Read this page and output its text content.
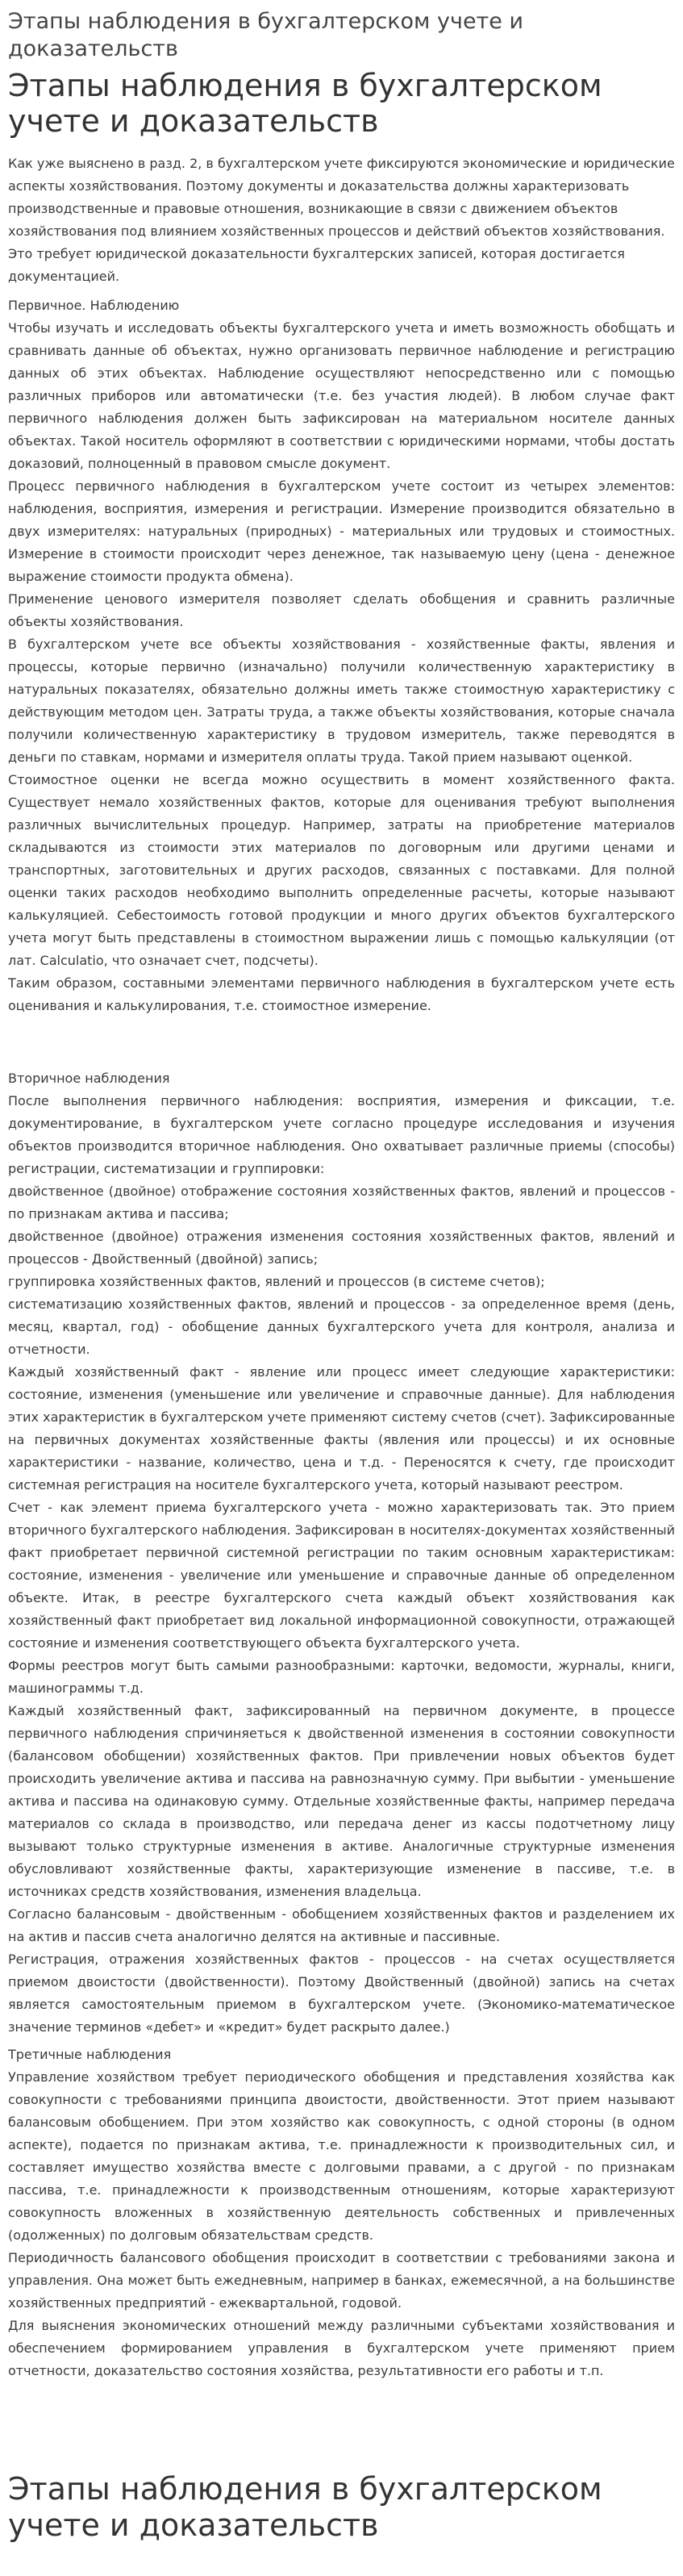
Этапы наблюдения в бухгалтерском учете и доказательств
Этапы наблюдения в бухгалтерском учете и доказательств

Как уже выяснено в разд. 2, в бухгалтерском учете фиксируются экономические и юридические аспекты хозяйствования. Поэтому документы и доказательства должны характеризовать производственные и правовые отношения, возникающие в связи с движением объектов хозяйствования под влиянием хозяйственных процессов и действий объектов хозяйствования. Это требует юридической доказательности бухгалтерских записей, которая достигается документацией.

Первичное. Наблюдению

Чтобы изучать и исследовать объекты бухгалтерского учета и иметь возможность обобщать и сравнивать данные об объектах, нужно организовать первичное наблюдение и регистрацию данных об этих объектах. Наблюдение осуществляют непосредственно или с помощью различных приборов или автоматически (т.е. без участия людей). В любом случае факт первичного наблюдения должен быть зафиксирован на материальном носителе данных объектах. Такой носитель оформляют в соответствии с юридическими нормами, чтобы достать доказовий, полноценный в правовом смысле документ.

Процесс первичного наблюдения в бухгалтерском учете состоит из четырех элементов: наблюдения, восприятия, измерения и регистрации. Измерение производится обязательно в двух измерителях: натуральных (природных) - материальных или трудовых и стоимостных. Измерение в стоимости происходит через денежное, так называемую цену (цена - денежное выражение стоимости продукта обмена).

Применение ценового измерителя позволяет сделать обобщения и сравнить различные объекты хозяйствования.

В бухгалтерском учете все объекты хозяйствования - хозяйственные факты, явления и процессы, которые первично (изначально) получили количественную характеристику в натуральных показателях, обязательно должны иметь также стоимостную характеристику с действующим методом цен. Затраты труда, а также объекты хозяйствования, которые сначала получили количественную характеристику в трудовом измеритель, также переводятся в деньги по ставкам, нормами и измерителя оплаты труда. Такой прием называют оценкой.

Стоимостное оценки не всегда можно осуществить в момент хозяйственного факта. Существует немало хозяйственных фактов, которые для оценивания требуют выполнения различных вычислительных процедур. Например, затраты на приобретение материалов складываются из стоимости этих материалов по договорным или другими ценами и транспортных, заготовительных и других расходов, связанных с поставками. Для полной оценки таких расходов необходимо выполнить определенные расчеты, которые называют калькуляцией. Себестоимость готовой продукции и много других объектов бухгалтерского учета могут быть представлены в стоимостном выражении лишь с помощью калькуляции (от лат. Calculatio, что означает счет, подсчеты).

Таким образом, составными элементами первичного наблюдения в бухгалтерском учете есть оценивания и калькулирования, т.е. стоимостное измерение.

Вторичное наблюдения

После выполнения первичного наблюдения: восприятия, измерения и фиксации, т.е. документирование, в бухгалтерском учете согласно процедуре исследования и изучения объектов производится вторичное наблюдения. Оно охватывает различные приемы (способы) регистрации, систематизации и группировки:

двойственное (двойное) отображение состояния хозяйственных фактов, явлений и процессов - по признакам актива и пассива;

двойственное (двойное) отражения изменения состояния хозяйственных фактов, явлений и процессов - Двойственный (двойной) запись;

группировка хозяйственных фактов, явлений и процессов (в системе счетов);

систематизацию хозяйственных фактов, явлений и процессов - за определенное время (день, месяц, квартал, год) - обобщение данных бухгалтерского учета для контроля, анализа и отчетности.

Каждый хозяйственный факт - явление или процесс имеет следующие характеристики: состояние, изменения (уменьшение или увеличение и справочные данные). Для наблюдения этих характеристик в бухгалтерском учете применяют систему счетов (счет). Зафиксированные на первичных документах хозяйственные факты (явления или процессы) и их основные характеристики - название, количество, цена и т.д. - Переносятся к счету, где происходит системная регистрация на носителе бухгалтерского учета, который называют реестром.

Счет - как элемент приема бухгалтерского учета - можно характеризовать так. Это прием вторичного бухгалтерского наблюдения. Зафиксирован в носителях-документах хозяйственный факт приобретает первичной системной регистрации по таким основным характеристикам: состояние, изменения - увеличение или уменьшение и справочные данные об определенном объекте. Итак, в реестре бухгалтерского счета каждый объект хозяйствования как хозяйственный факт приобретает вид локальной информационной совокупности, отражающей состояние и изменения соответствующего объекта бухгалтерского учета.

Формы реестров могут быть самыми разнообразными: карточки, ведомости, журналы, книги, машинограммы т.д.

Каждый хозяйственный факт, зафиксированный на первичном документе, в процессе первичного наблюдения спричиняеться к двойственной изменения в состоянии совокупности (балансовом обобщении) хозяйственных фактов. При привлечении новых объектов будет происходить увеличение актива и пассива на равнозначную сумму. При выбытии - уменьшение актива и пассива на одинаковую сумму. Отдельные хозяйственные факты, например передача материалов со склада в производство, или передача денег из кассы подотчетному лицу вызывают только структурные изменения в активе. Аналогичные структурные изменения обусловливают хозяйственные факты, характеризующие изменение в пассиве, т.е. в источниках средств хозяйствования, изменения владельца.

Согласно балансовым - двойственным - обобщением хозяйственных фактов и разделением их на актив и пассив счета аналогично делятся на активные и пассивные.

Регистрация, отражения хозяйственных фактов - процессов - на счетах осуществляется приемом двоистости (двойственности). Поэтому Двойственный (двойной) запись на счетах является самостоятельным приемом в бухгалтерском учете. (Экономико-математическое значение терминов «дебет» и «кредит» будет раскрыто далее.)

Третичные наблюдения

Управление хозяйством требует периодического обобщения и представления хозяйства как совокупности с требованиями принципа двоистости, двойственности. Этот прием называют балансовым обобщением. При этом хозяйство как совокупность, с одной стороны (в одном аспекте), подается по признакам актива, т.е. принадлежности к производительных сил, и составляет имущество хозяйства вместе с долговыми правами, а с другой - по признакам пассива, т.е. принадлежности к производственным отношениям, которые характеризуют совокупность вложенных в хозяйственную деятельность собственных и привлеченных (одолженных) по долговым обязательствам средств.

Периодичность балансового обобщения происходит в соответствии с требованиями закона и управления. Она может быть ежедневным, например в банках, ежемесячной, а на большинстве хозяйственных предприятий - ежеквартальной, годовой.

Для выяснения экономических отношений между различными субъектами хозяйствования и обеспечением формированием управления в бухгалтерском учете применяют прием отчетности, доказательство состояния хозяйства, результативности его работы и т.п.

Этапы наблюдения в бухгалтерском учете и доказательств
